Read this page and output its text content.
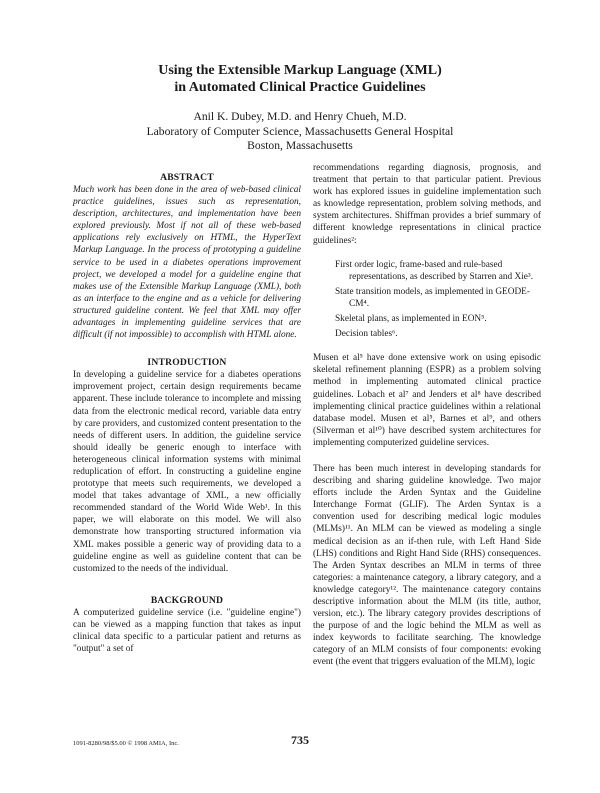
Using the Extensible Markup Language (XML)
in Automated Clinical Practice Guidelines
Anil K. Dubey, M.D. and Henry Chueh, M.D.
Laboratory of Computer Science, Massachusetts General Hospital
Boston, Massachusetts
ABSTRACT

Much work has been done in the area of web-based clinical practice guidelines, issues such as representation, description, architectures, and implementation have been explored previously. Most if not all of these web-based applications rely exclusively on HTML, the HyperText Markup Language. In the process of prototyping a guideline service to be used in a diabetes operations improvement project, we developed a model for a guideline engine that makes use of the Extensible Markup Language (XML), both as an interface to the engine and as a vehicle for delivering structured guideline content. We feel that XML may offer advantages in implementing guideline services that are difficult (if not impossible) to accomplish with HTML alone.

INTRODUCTION

In developing a guideline service for a diabetes operations improvement project, certain design requirements became apparent. These include tolerance to incomplete and missing data from the electronic medical record, variable data entry by care providers, and customized content presentation to the needs of different users. In addition, the guideline service should ideally be generic enough to interface with heterogeneous clinical information systems with minimal reduplication of effort. In constructing a guideline engine prototype that meets such requirements, we developed a model that takes advantage of XML, a new officially recommended standard of the World Wide Web¹. In this paper, we will elaborate on this model. We will also demonstrate how transporting structured information via XML makes possible a generic way of providing data to a guideline engine as well as guideline content that can be customized to the needs of the individual.

BACKGROUND

A computerized guideline service (i.e. "guideline engine") can be viewed as a mapping function that takes as input clinical data specific to a particular patient and returns as "output" a set of

recommendations regarding diagnosis, prognosis, and treatment that pertain to that particular patient. Previous work has explored issues in guideline implementation such as knowledge representation, problem solving methods, and system architectures. Shiffman provides a brief summary of different knowledge representations in clinical practice guidelines²:

First order logic, frame-based and rule-based representations, as described by Starren and Xie³.
State transition models, as implemented in GEODE-CM⁴.
Skeletal plans, as implemented in EON⁵.
Decision tables⁶.

Musen et al⁵ have done extensive work on using episodic skeletal refinement planning (ESPR) as a problem solving method in implementing automated clinical practice guidelines. Lobach et al⁷ and Jenders et al⁸ have described implementing clinical practice guidelines within a relational database model. Musen et al⁵, Barnes et al⁹, and others (Silverman et al¹⁰) have described system architectures for implementing computerized guideline services.

There has been much interest in developing standards for describing and sharing guideline knowledge. Two major efforts include the Arden Syntax and the Guideline Interchange Format (GLIF). The Arden Syntax is a convention used for describing medical logic modules (MLMs)¹¹. An MLM can be viewed as modeling a single medical decision as an if-then rule, with Left Hand Side (LHS) conditions and Right Hand Side (RHS) consequences. The Arden Syntax describes an MLM in terms of three categories: a maintenance category, a library category, and a knowledge category¹². The maintenance category contains descriptive information about the MLM (its title, author, version, etc.). The library category provides descriptions of the purpose of and the logic behind the MLM as well as index keywords to facilitate searching. The knowledge category of an MLM consists of four components: evoking event (the event that triggers evaluation of the MLM), logic

1091-8280/98/$5.00 © 1998 AMIA, Inc.	735
